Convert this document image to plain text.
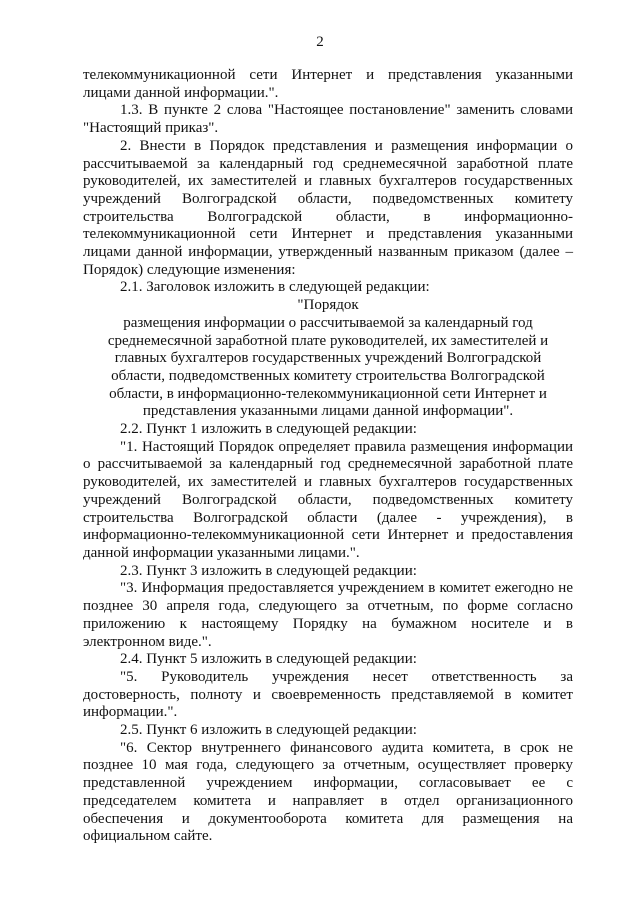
2

телекоммуникационной сети Интернет и представления указанными лицами данной информации.".

1.3. В пункте 2 слова "Настоящее постановление" заменить словами "Настоящий приказ".

2. Внести в Порядок представления и размещения информации о рассчитываемой за календарный год среднемесячной заработной плате руководителей, их заместителей и главных бухгалтеров государственных учреждений Волгоградской области, подведомственных комитету строительства Волгоградской области, в информационно-телекоммуникационной сети Интернет и представления указанными лицами данной информации, утвержденный названным приказом (далее – Порядок) следующие изменения:

2.1. Заголовок изложить в следующей редакции:

"Порядок

размещения информации о рассчитываемой за календарный год среднемесячной заработной плате руководителей, их заместителей и главных бухгалтеров государственных учреждений Волгоградской области, подведомственных комитету строительства Волгоградской области, в информационно-телекоммуникационной сети Интернет и представления указанными лицами данной информации".

2.2. Пункт 1 изложить в следующей редакции:

"1. Настоящий Порядок определяет правила размещения информации о рассчитываемой за календарный год среднемесячной заработной плате руководителей, их заместителей и главных бухгалтеров государственных учреждений Волгоградской области, подведомственных комитету строительства Волгоградской области (далее - учреждения), в информационно-телекоммуникационной сети Интернет и предоставления данной информации указанными лицами.".

2.3. Пункт 3 изложить в следующей редакции:

"3. Информация предоставляется учреждением в комитет ежегодно не позднее 30 апреля года, следующего за отчетным, по форме согласно приложению к настоящему Порядку на бумажном носителе и в электронном виде.".

2.4. Пункт 5 изложить в следующей редакции:

"5. Руководитель учреждения несет ответственность за достоверность, полноту и своевременность представляемой в комитет информации.".

2.5. Пункт 6 изложить в следующей редакции:

"6. Сектор внутреннего финансового аудита комитета, в срок не позднее 10 мая года, следующего за отчетным, осуществляет проверку представленной учреждением информации, согласовывает ее с председателем комитета и направляет в отдел организационного обеспечения и документооборота комитета для размещения на официальном сайте.
